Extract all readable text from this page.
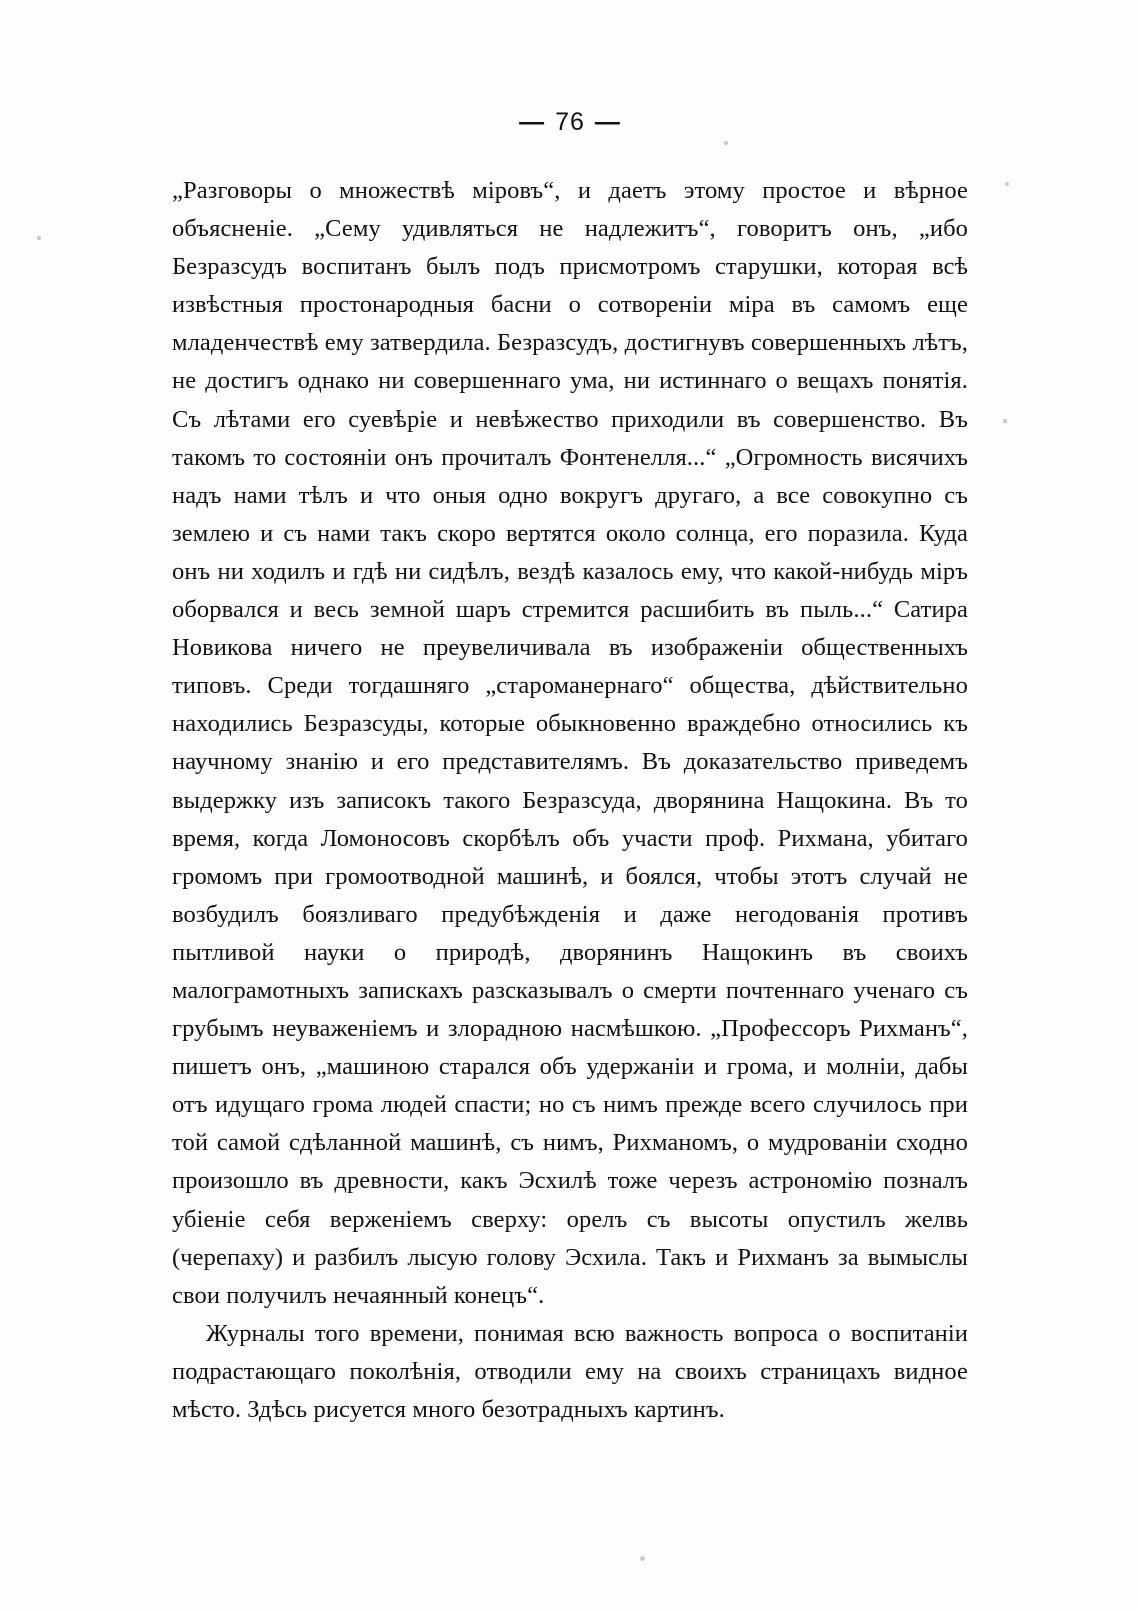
— 76 —

„Разговоры о множествѣ мiровъ“, и даетъ этому простое и вѣрное объясненie. „Сему удивляться не надлежитъ“, говоритъ онъ, „ибо Безразсудъ воспитанъ былъ подъ присмотромъ старушки, которая всѣ извѣстныя простонародныя басни о сотворенiи мiра въ самомъ еще младенчествѣ ему затвердила. Безразсудъ, достигнувъ совершенныхъ лѣтъ, не достигъ однако ни совершеннаго ума, ни истиннаго о вещахъ понятiя. Съ лѣтами его суевѣрie и невѣжество приходили въ совершенство. Въ такомъ то состоянiи онъ прочиталъ Фонтенелля...“ „Огромность висячихъ надъ нами тѣлъ и что оныя одно вокругъ другаго, а все совокупно съ землею и съ нами такъ скоро вертятся около солнца, его поразила. Куда онъ ни ходилъ и гдѣ ни сидѣлъ, вездѣ казалось ему, что какой-нибудь мiръ оборвался и весь земной шаръ стремится расшибить въ пыль...“ Сатира Новикова ничего не преувеличивала въ изображенiи общественныхъ типовъ. Среди тогдашняго „староманернаго“ общества, дѣйствительно находились Безразсуды, которые обыкновенно враждебно относились къ научному знанiю и его представителямъ. Въ доказательство приведемъ выдержку изъ записокъ такого Безразсуда, дворянина Нащокина. Въ то время, когда Ломоносовъ скорбѣлъ объ участи проф. Рихмана, убитаго громомъ при громоотводной машинѣ, и боялся, чтобы этотъ случай не возбудилъ боязливаго предубѣжденiя и даже негодованiя противъ пытливой науки о природѣ, дворянинъ Нащокинъ въ своихъ малограмотныхъ запискахъ разсказывалъ о смерти почтеннаго ученаго съ грубымъ неуваженiемъ и злорадною насмѣшкою. „Профессоръ Рихманъ“, пишетъ онъ, „машиною старался объ удержанiи и грома, и молнiи, дабы отъ идущаго грома людей спасти; но съ нимъ прежде всего случилось при той самой сдѣланной машинѣ, съ нимъ, Рихманомъ, о мудрованiи сходно произошло въ древности, какъ Эсхилѣ тоже черезъ астрономiю позналъ убiенie себя верженiемъ сверху: орелъ съ высоты опустилъ желвь (черепаху) и разбилъ лысую голову Эсхила. Такъ и Рихманъ за вымыслы свои получилъ нечаянный конецъ“.

Журналы того времени, понимая всю важность вопроса о воспитанiи подрастающаго поколѣнiя, отводили ему на своихъ страницахъ видное мѣсто. Здѣсь рисуется много безотрадныхъ картинъ.
